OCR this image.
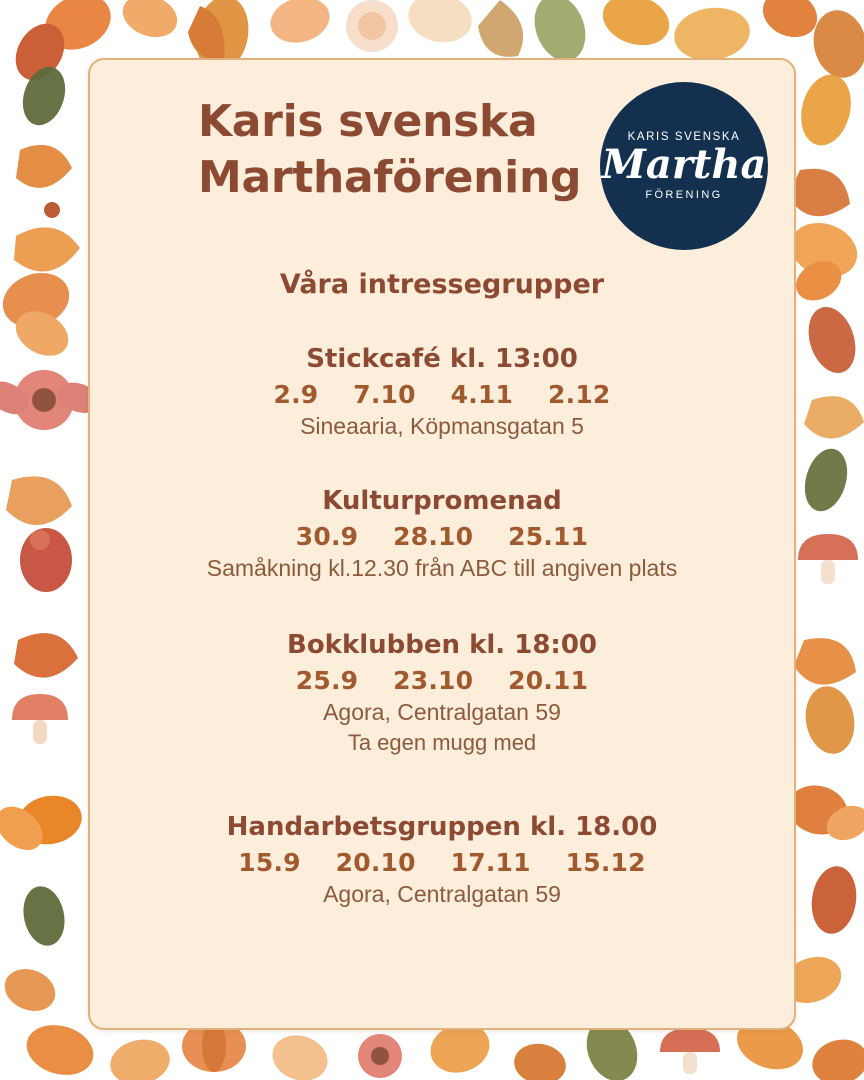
Karis svenska
Marthaförening
KARIS SVENSKA
Martha
FÖRENING
Våra intressegrupper
Stickcafé kl. 13:00
2.9 7.10 4.11 2.12
Sineaaria, Köpmansgatan 5
Kulturpromenad
30.9 28.10 25.11
Samåkning kl.12.30 från ABC till angiven plats
Bokklubben kl. 18:00
25.9 23.10 20.11
Agora, Centralgatan 59
Ta egen mugg med
Handarbetsgruppen kl. 18.00
15.9 20.10 17.11 15.12
Agora, Centralgatan 59
